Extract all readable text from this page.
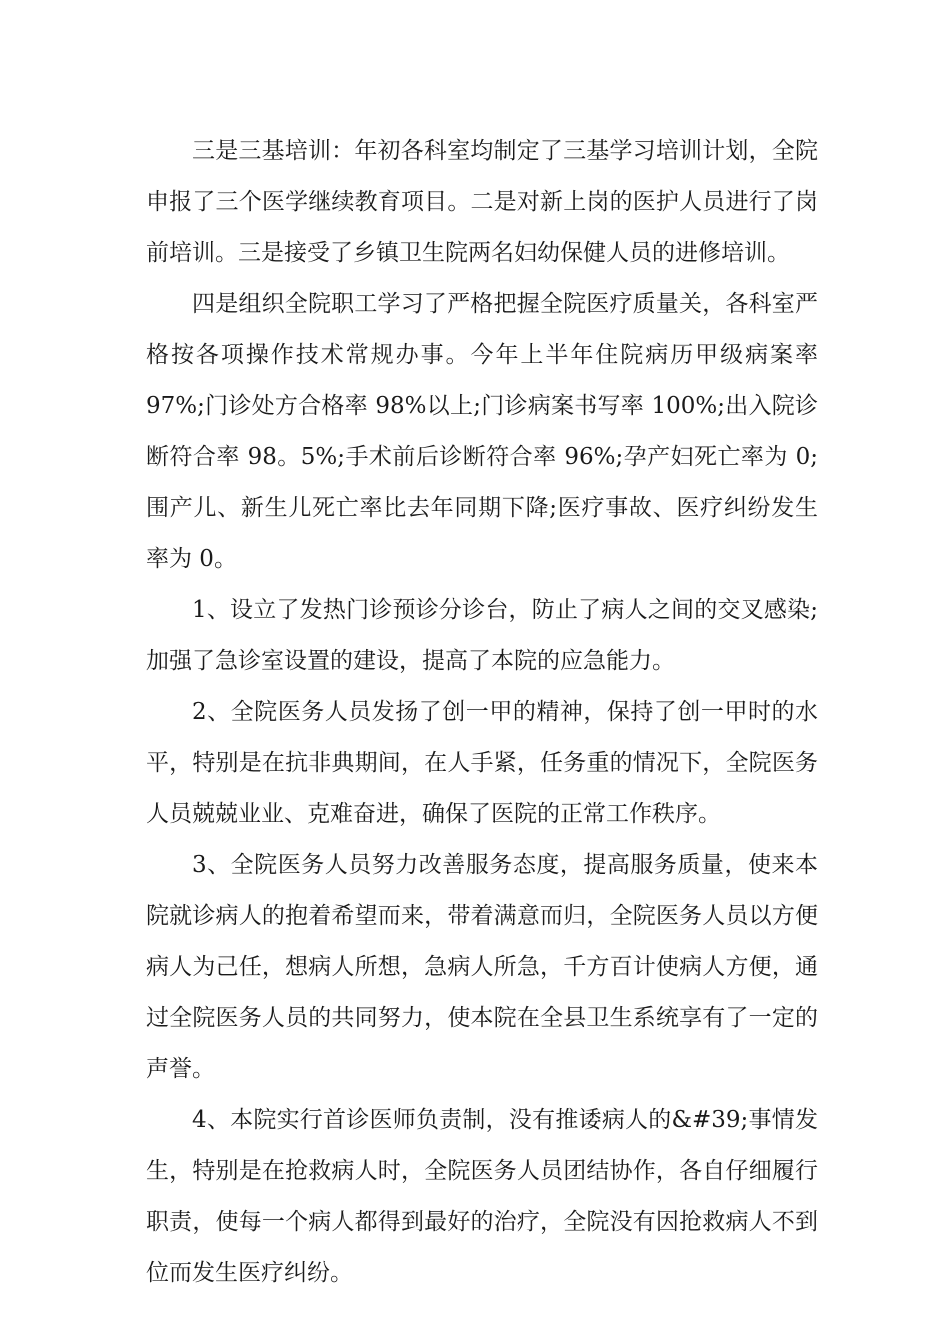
三是三基培训：年初各科室均制定了三基学习培训计划，全院申报了三个医学继续教育项目。二是对新上岗的医护人员进行了岗前培训。三是接受了乡镇卫生院两名妇幼保健人员的进修培训。

四是组织全院职工学习了严格把握全院医疗质量关，各科室严格按各项操作技术常规办事。今年上半年住院病历甲级病案率 97%;门诊处方合格率 98%以上;门诊病案书写率 100%;出入院诊断符合率 98。5%;手术前后诊断符合率 96%;孕产妇死亡率为 0;围产儿、新生儿死亡率比去年同期下降;医疗事故、医疗纠纷发生率为 0。

1、设立了发热门诊预诊分诊台，防止了病人之间的交叉感染;加强了急诊室设置的建设，提高了本院的应急能力。

2、全院医务人员发扬了创一甲的精神，保持了创一甲时的水平，特别是在抗非典期间，在人手紧，任务重的情况下，全院医务人员兢兢业业、克难奋进，确保了医院的正常工作秩序。

3、全院医务人员努力改善服务态度，提高服务质量，使来本院就诊病人的抱着希望而来，带着满意而归，全院医务人员以方便病人为己任，想病人所想，急病人所急，千方百计使病人方便，通过全院医务人员的共同努力，使本院在全县卫生系统享有了一定的声誉。

4、本院实行首诊医师负责制，没有推诿病人的&#39;事情发生，特别是在抢救病人时，全院医务人员团结协作，各自仔细履行职责，使每一个病人都得到最好的治疗，全院没有因抢救病人不到位而发生医疗纠纷。
